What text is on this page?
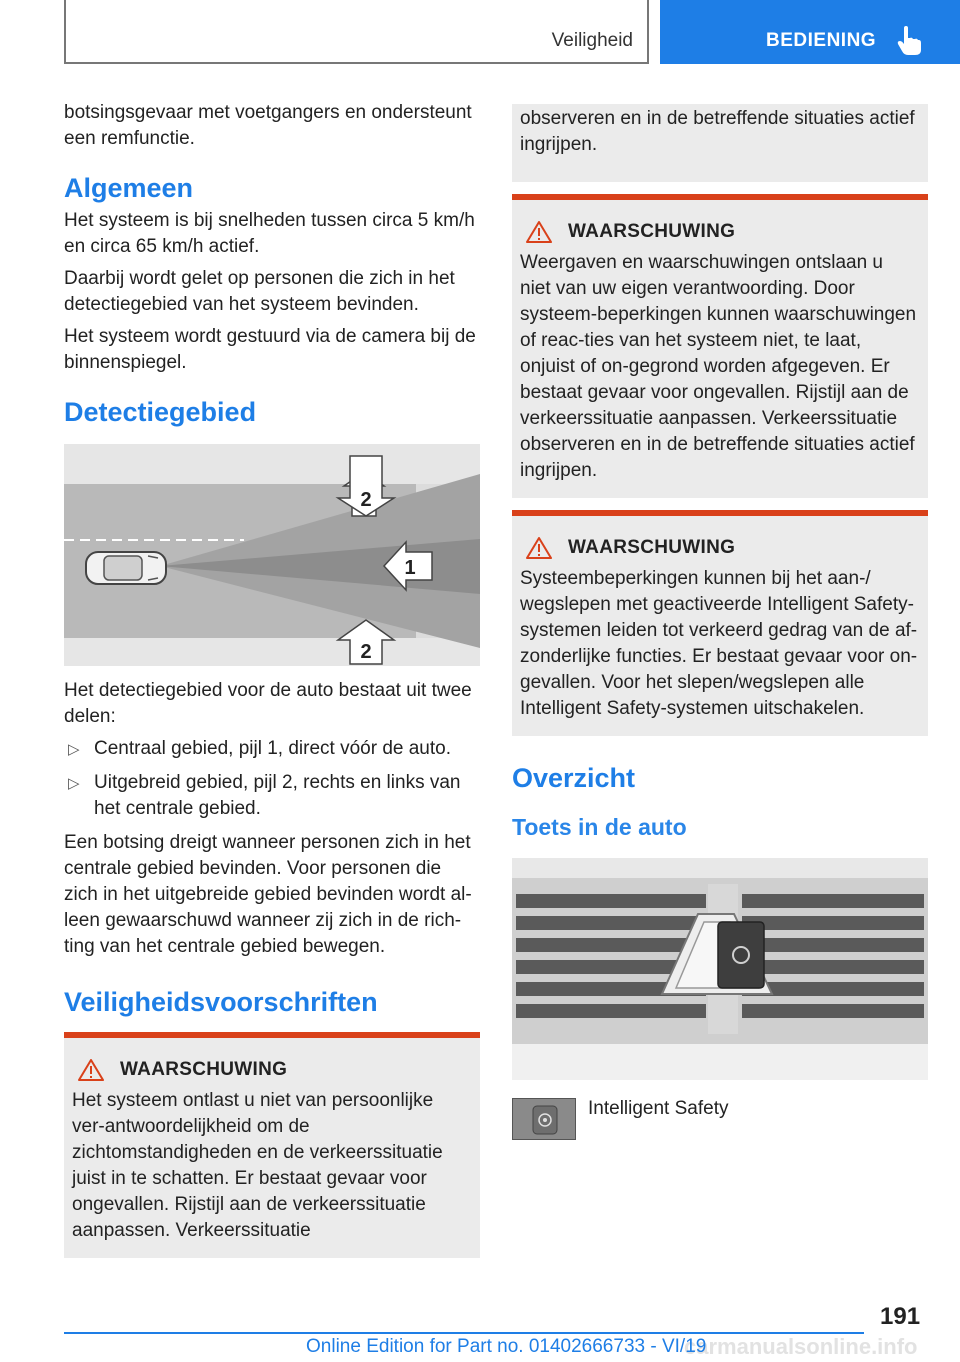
Veiligheid	BEDIENING

botsingsgevaar met voetgangers en ondersteunt een remfunctie.

Algemeen

Het systeem is bij snelheden tussen circa 5 km/h en circa 65 km/h actief.

Daarbij wordt gelet op personen die zich in het detectiegebied van het systeem bevinden.

Het systeem wordt gestuurd via de camera bij de binnenspiegel.

Detectiegebied
2
1
2

Het detectiegebied voor de auto bestaat uit twee delen:

▷ Centraal gebied, pijl 1, direct vóór de auto.
▷ Uitgebreid gebied, pijl 2, rechts en links van het centrale gebied.

Een botsing dreigt wanneer personen zich in het centrale gebied bevinden. Voor personen die zich in het uitgebreide gebied bevinden wordt al-leen gewaarschuwd wanneer zij zich in de rich-ting van het centrale gebied bewegen.

Veiligheidsvoorschriften
WAARSCHUWING

Het systeem ontlast u niet van persoonlijke ver-antwoordelijkheid om de zichtomstandigheden en de verkeerssituatie juist in te schatten. Er bestaat gevaar voor ongevallen. Rijstijl aan de verkeerssituatie aanpassen. Verkeerssituatie

observeren en in de betreffende situaties actief ingrijpen.

WAARSCHUWING

Weergaven en waarschuwingen ontslaan u niet van uw eigen verantwoording. Door systeem-beperkingen kunnen waarschuwingen of reac-ties van het systeem niet, te laat, onjuist of on-gegrond worden afgegeven. Er bestaat gevaar voor ongevallen. Rijstijl aan de verkeerssituatie aanpassen. Verkeerssituatie observeren en in de betreffende situaties actief ingrijpen.

WAARSCHUWING

Systeembeperkingen kunnen bij het aan-/ wegslepen met geactiveerde Intelligent Safety-systemen leiden tot verkeerd gedrag van de af-zonderlijke functies. Er bestaat gevaar voor on-gevallen. Voor het slepen/wegslepen alle Intelligent Safety-systemen uitschakelen.

Overzicht
Toets in de auto
Intelligent Safety
191
carmanualsonline.info
Online Edition for Part no. 01402666733 - VI/19
